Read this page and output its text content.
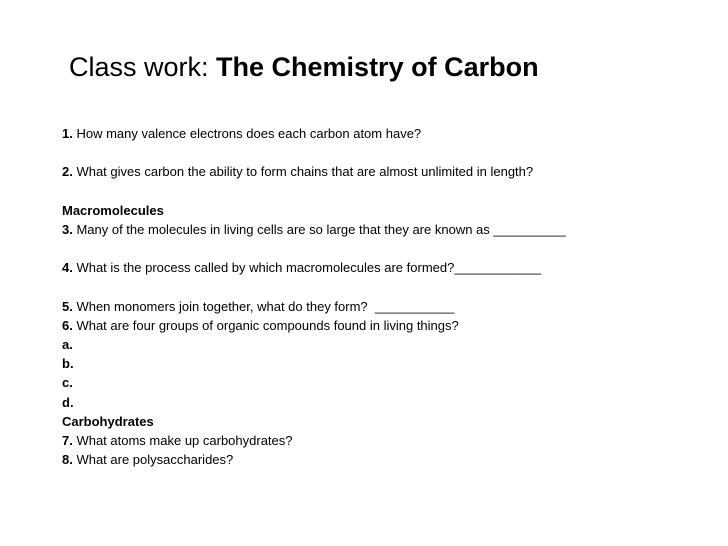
Class work: The Chemistry of Carbon
1. How many valence electrons does each carbon atom have?
2. What gives carbon the ability to form chains that are almost unlimited in length?
Macromolecules
3. Many of the molecules in living cells are so large that they are known as __________
4. What is the process called by which macromolecules are formed?____________
5. When monomers join together, what do they form?  ___________
6. What are four groups of organic compounds found in living things?
a.
b.
c.
d.
Carbohydrates
7. What atoms make up carbohydrates?
8. What are polysaccharides?
